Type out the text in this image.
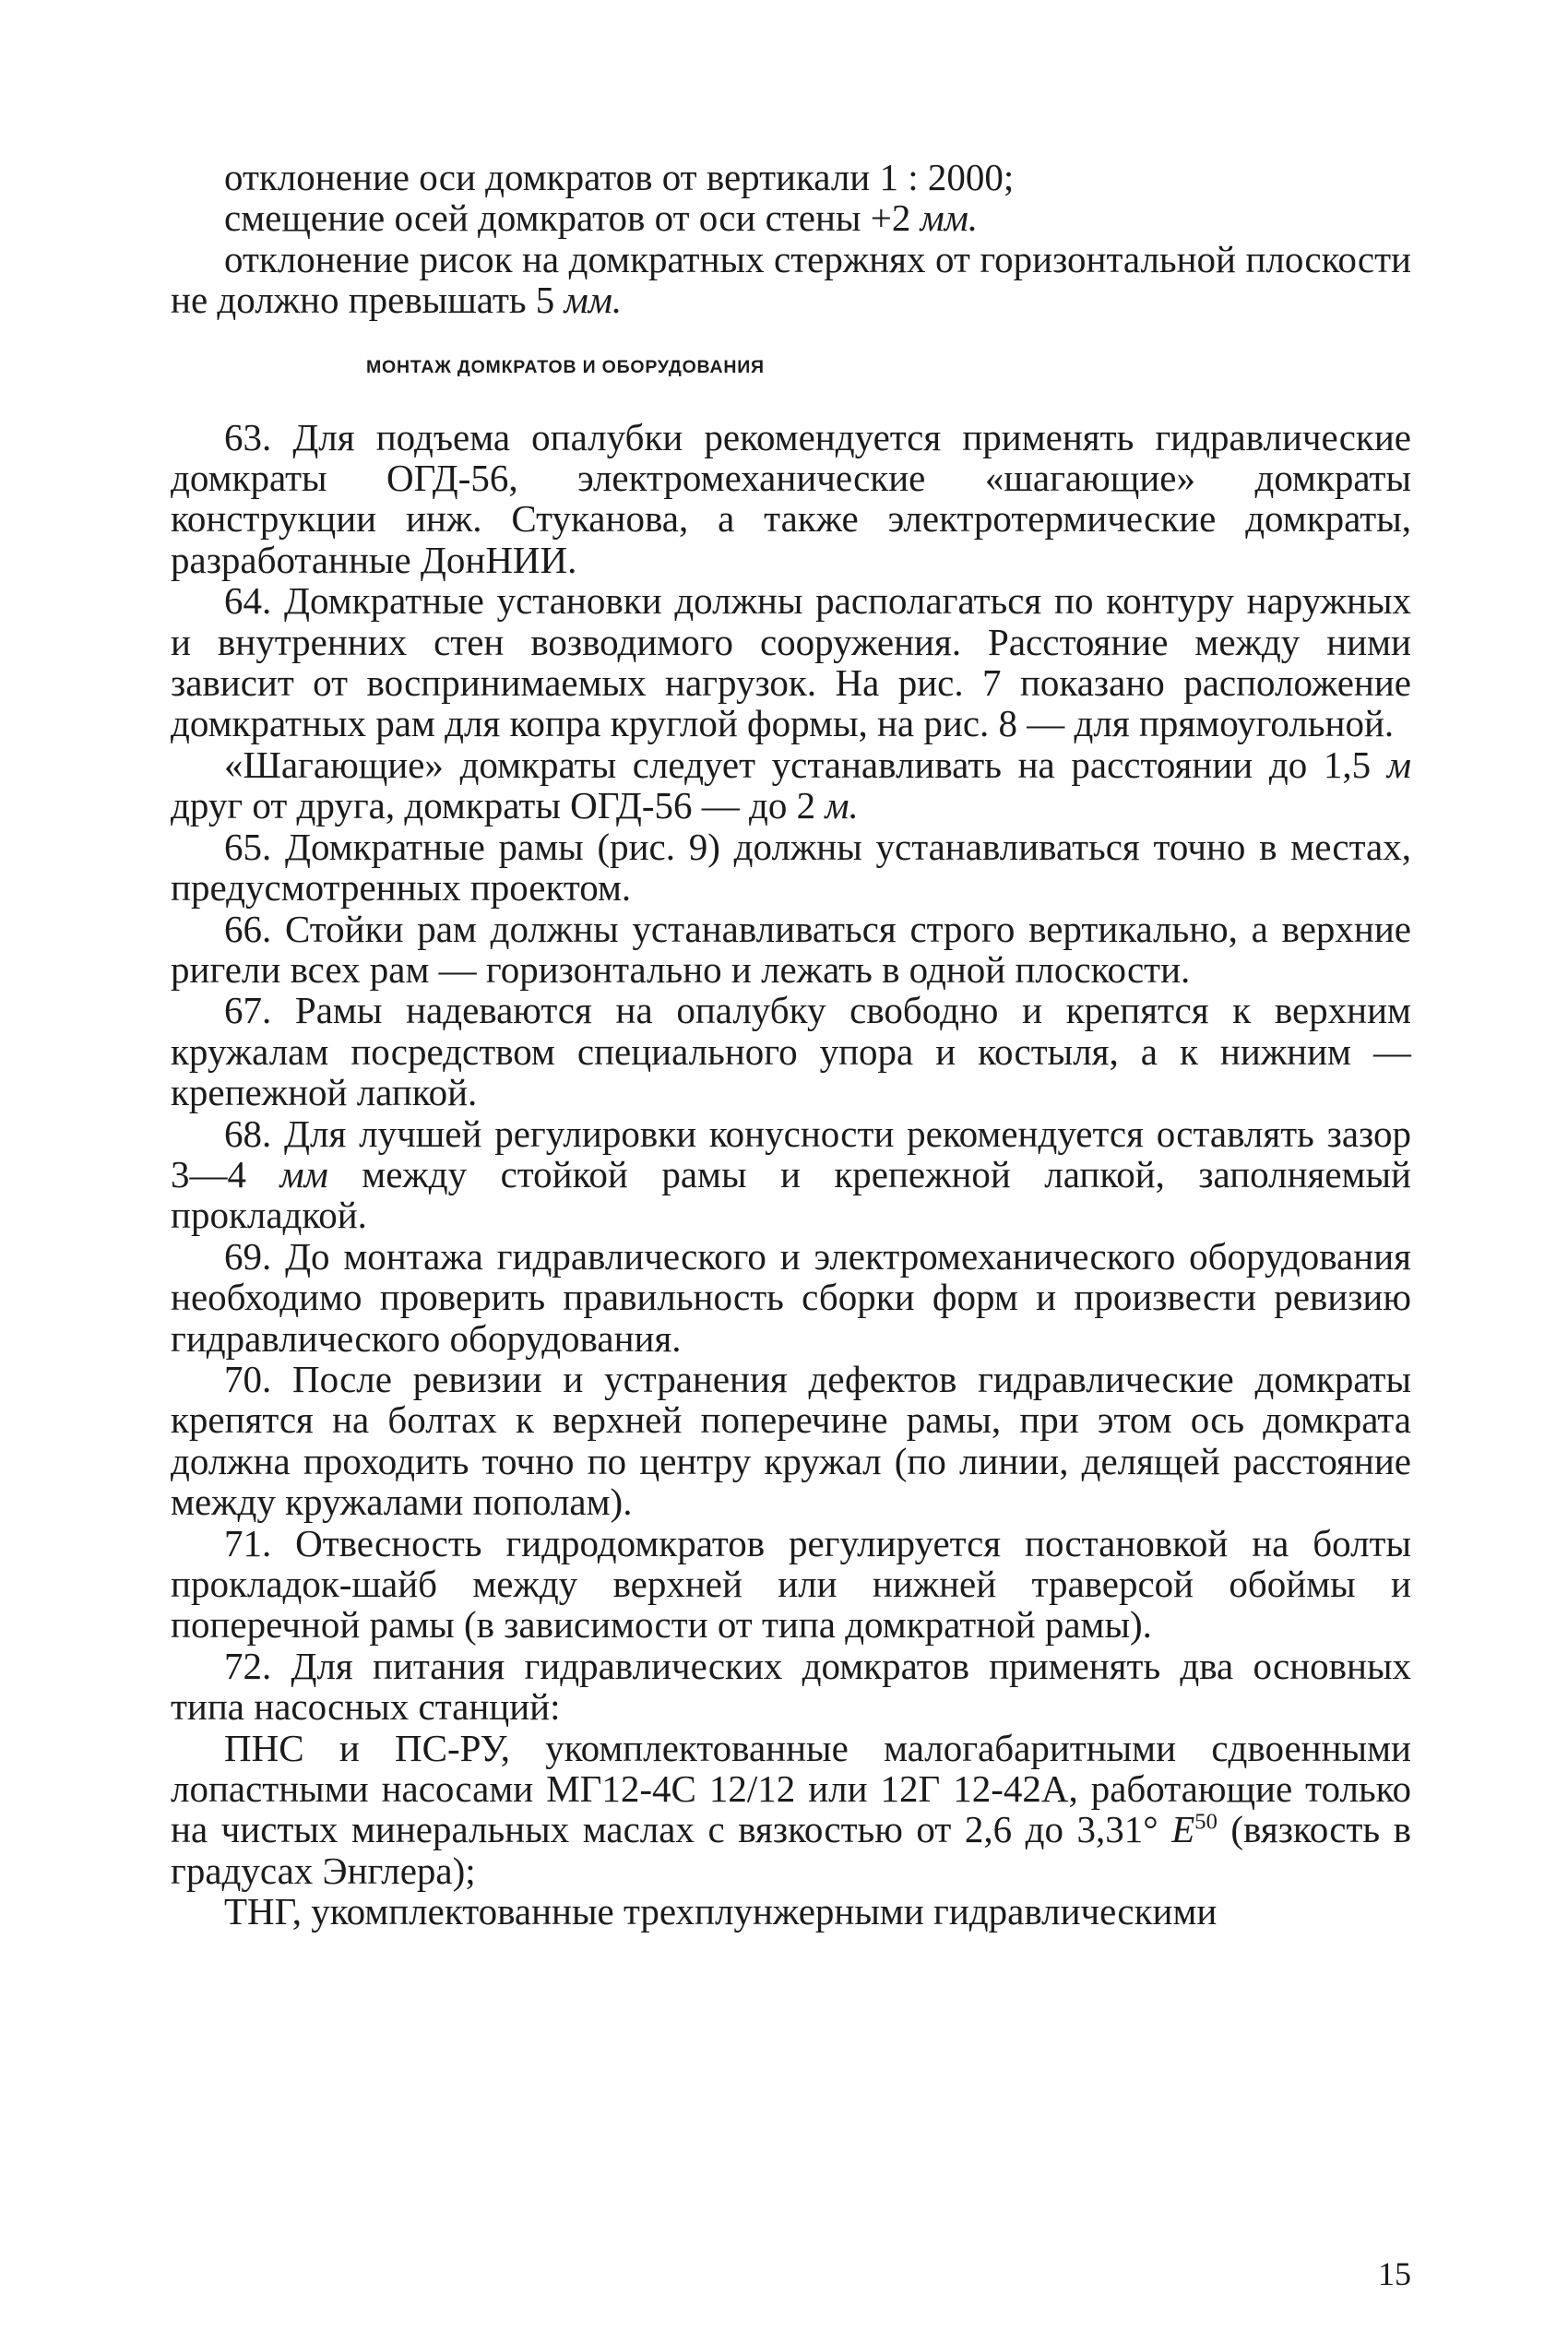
отклонение оси домкратов от вертикали 1 : 2000;

смещение осей домкратов от оси стены +2 мм.

отклонение рисок на домкратных стержнях от горизонтальной плоскости не должно превышать 5 мм.

МОНТАЖ ДОМКРАТОВ И ОБОРУДОВАНИЯ

63. Для подъема опалубки рекомендуется применять гидравлические домкраты ОГД-56, электромеханические «шагающие» домкраты конструкции инж. Стуканова, а также электротермические домкраты, разработанные ДонНИИ.

64. Домкратные установки должны располагаться по контуру наружных и внутренних стен возводимого сооружения. Расстояние между ними зависит от воспринимаемых нагрузок. На рис. 7 показано расположение домкратных рам для копра круглой формы, на рис. 8 — для прямоугольной.

«Шагающие» домкраты следует устанавливать на расстоянии до 1,5 м друг от друга, домкраты ОГД-56 — до 2 м.

65. Домкратные рамы (рис. 9) должны устанавливаться точно в местах, предусмотренных проектом.

66. Стойки рам должны устанавливаться строго вертикально, а верхние ригели всех рам — горизонтально и лежать в одной плоскости.

67. Рамы надеваются на опалубку свободно и крепятся к верхним кружалам посредством специального упора и костыля, а к нижним — крепежной лапкой.

68. Для лучшей регулировки конусности рекомендуется оставлять зазор 3—4 мм между стойкой рамы и крепежной лапкой, заполняемый прокладкой.

69. До монтажа гидравлического и электромеханического оборудования необходимо проверить правильность сборки форм и произвести ревизию гидравлического оборудования.

70. После ревизии и устранения дефектов гидравлические домкраты крепятся на болтах к верхней поперечине рамы, при этом ось домкрата должна проходить точно по центру кружал (по линии, делящей расстояние между кружалами пополам).

71. Отвесность гидродомкратов регулируется постановкой на болты прокладок-шайб между верхней или нижней траверсой обоймы и поперечной рамы (в зависимости от типа домкратной рамы).

72. Для питания гидравлических домкратов применять два основных типа насосных станций:

ПНС и ПС-РУ, укомплектованные малогабаритными сдвоенными лопастными насосами МГ12-4С 12/12 или 12Г 12-42А, работающие только на чистых минеральных маслах с вязкостью от 2,6 до 3,31° $E^{50}$ (вязкость в градусах Энглера);

ТНГ, укомплектованные трехплунжерными гидравлическими

15
